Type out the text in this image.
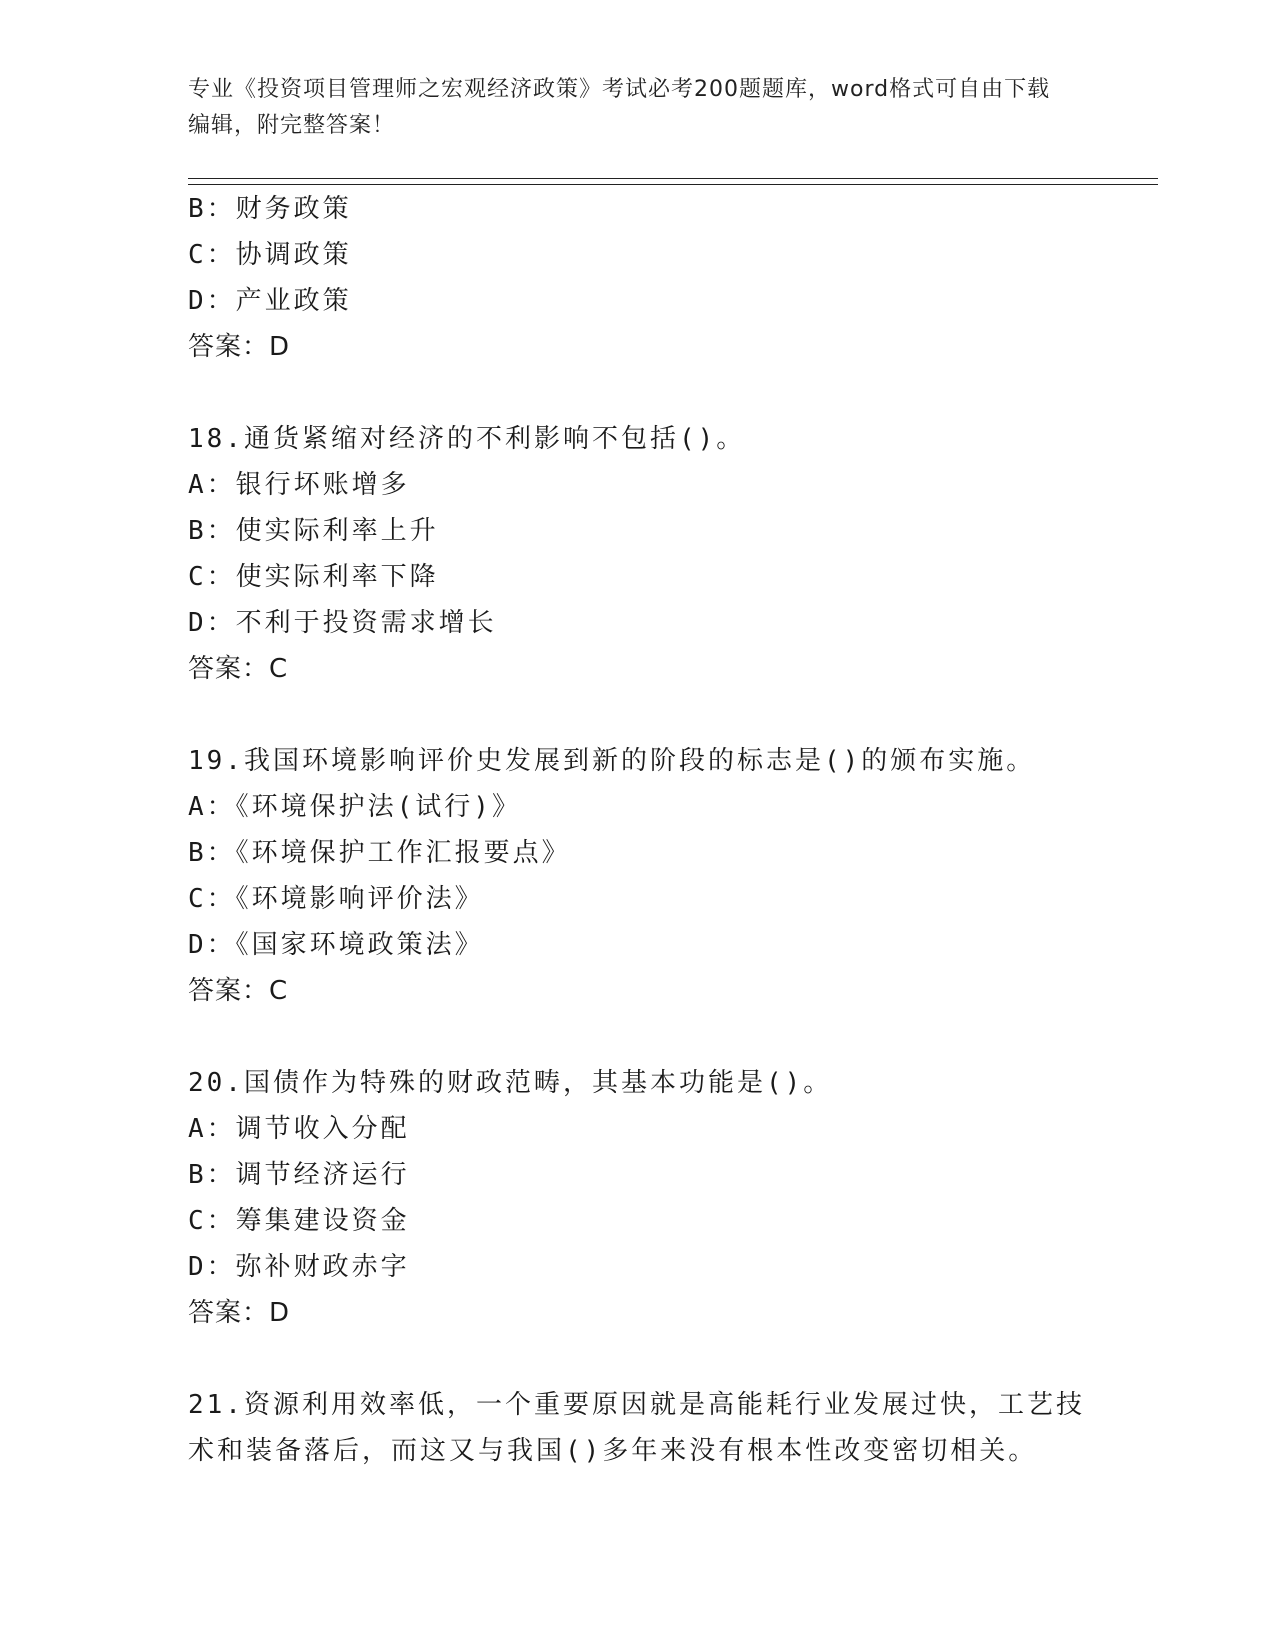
专业《投资项目管理师之宏观经济政策》考试必考200题题库，word格式可自由下载编辑，附完整答案！
B：财务政策
C：协调政策
D：产业政策
答案：D
18.通货紧缩对经济的不利影响不包括()。
A：银行坏账增多
B：使实际利率上升
C：使实际利率下降
D：不利于投资需求增长
答案：C
19.我国环境影响评价史发展到新的阶段的标志是()的颁布实施。
A：《环境保护法(试行)》
B：《环境保护工作汇报要点》
C：《环境影响评价法》
D：《国家环境政策法》
答案：C
20.国债作为特殊的财政范畴，其基本功能是()。
A：调节收入分配
B：调节经济运行
C：筹集建设资金
D：弥补财政赤字
答案：D
21.资源利用效率低，一个重要原因就是高能耗行业发展过快，工艺技术和装备落后，而这又与我国()多年来没有根本性改变密切相关。
